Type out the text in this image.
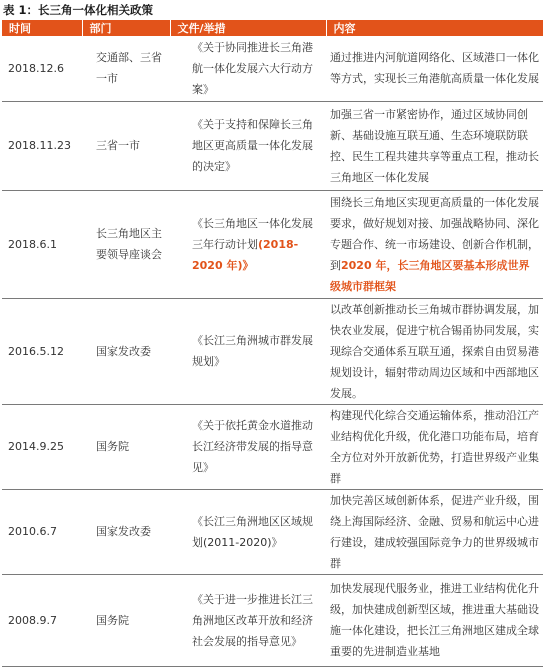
表 1：长三角一体化相关政策
时间	部门	文件/举措	内容
2018.12.6	交通部、三省一市	《关于协同推进长三角港航一体化发展六大行动方案》	通过推进内河航道网络化、区域港口一体化等方式，实现长三角港航高质量一体化发展
2018.11.23	三省一市	《关于支持和保障长三角地区更高质量一体化发展的决定》	加强三省一市紧密协作，通过区域协同创新、基础设施互联互通、生态环境联防联控、民生工程共建共享等重点工程，推动长三角地区一体化发展
2018.6.1	长三角地区主要领导座谈会	《长三角地区一体化发展三年行动计划(2018-2020 年)》	围绕长三角地区实现更高质量的一体化发展要求，做好规划对接、加强战略协同、深化专题合作、统一市场建设、创新合作机制，到2020 年，长三角地区要基本形成世界级城市群框架
2016.5.12	国家发改委	《长江三角洲城市群发展规划》	以改革创新推动长三角城市群协调发展，加快农业发展，促进宁杭合锡甬协同发展，实现综合交通体系互联互通，探索自由贸易港规划设计，辐射带动周边区域和中西部地区发展。
2014.9.25	国务院	《关于依托黄金水道推动长江经济带发展的指导意见》	构建现代化综合交通运输体系，推动沿江产业结构优化升级，优化港口功能布局，培育全方位对外开放新优势，打造世界级产业集群
2010.6.7	国家发改委	《长江三角洲地区区域规划(2011-2020)》	加快完善区域创新体系，促进产业升级，围绕上海国际经济、金融、贸易和航运中心进行建设，建成较强国际竞争力的世界级城市群
2008.9.7	国务院	《关于进一步推进长江三角洲地区改革开放和经济社会发展的指导意见》	加快发展现代服务业，推进工业结构优化升级，加快建成创新型区域，推进重大基础设施一体化建设，把长江三角洲地区建成全球重要的先进制造业基地
